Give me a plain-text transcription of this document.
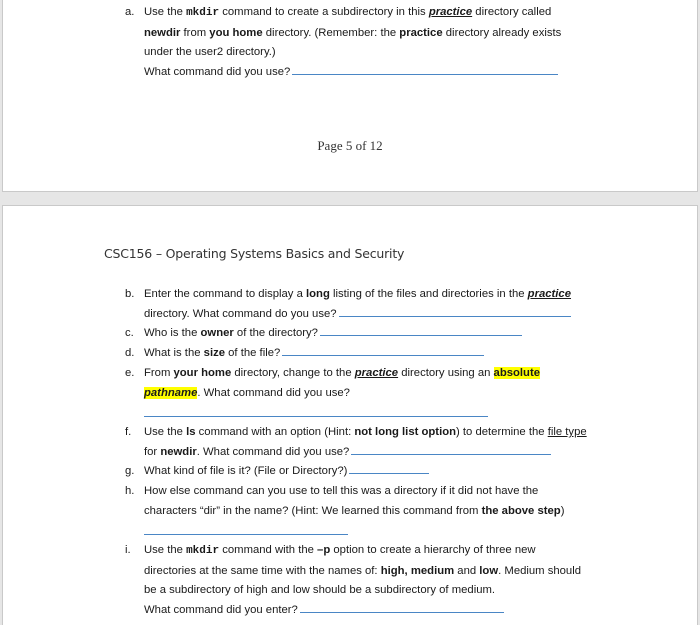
a. Use the mkdir command to create a subdirectory in this practice directory called
newdir from you home directory. (Remember: the practice directory already exists
under the user2 directory.)
What command did you use?
Page 5 of 12
CSC156 – Operating Systems Basics and Security
b. Enter the command to display a long listing of the files and directories in the practice
directory. What command do you use?
c. Who is the owner of the directory?
d. What is the size of the file?
e. From your home directory, change to the practice directory using an absolute
pathname. What command did you use?
f.	Use the ls command with an option (Hint: not long list option) to determine the file type
for newdir. What command did you use?
g. What kind of file is it? (File or Directory?)
h. How else command can you use to tell this was a directory if it did not have the
characters “dir” in the name? (Hint: We learned this command from the above step)
i.	Use the mkdir command with the –p option to create a hierarchy of three new
directories at the same time with the names of: high, medium and low. Medium should
be a subdirectory of high and low should be a subdirectory of medium.
What command did you enter?
